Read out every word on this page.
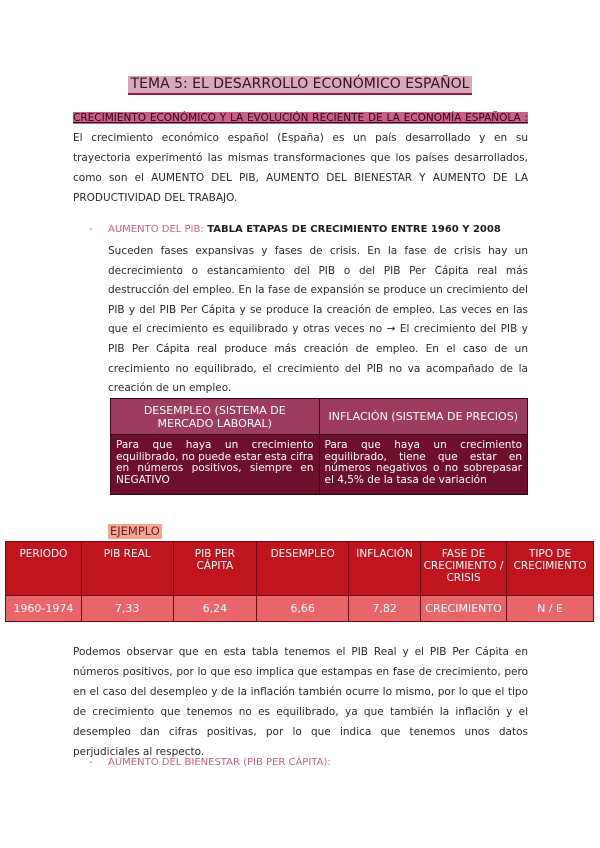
TEMA 5: EL DESARROLLO ECONÓMICO ESPAÑOL
CRECIMIENTO ECONÓMICO Y LA EVOLUCIÓN RECIENTE DE LA ECONOMÍA ESPAÑOLA : El crecimiento económico español (España) es un país desarrollado y en su trayectoria experimentó las mismas transformaciones que los países desarrollados, como son el AUMENTO DEL PIB, AUMENTO DEL BIENESTAR Y AUMENTO DE LA PRODUCTIVIDAD DEL TRABAJO.
- AUMENTO DEL PIB: TABLA ETAPAS DE CRECIMIENTO ENTRE 1960 Y 2008
Suceden fases expansivas y fases de crisis. En la fase de crisis hay un decrecimiento o estancamiento del PIB o del PIB Per Cápita real más destrucción del empleo. En la fase de expansión se produce un crecimiento del PIB y del PIB Per Cápita y se produce la creación de empleo. Las veces en las que el crecimiento es equilibrado y otras veces no → El crecimiento del PIB y PIB Per Cápita real produce más creación de empleo. En el caso de un crecimiento no equilibrado, el crecimiento del PIB no va acompañado de la creación de un empleo.
DESEMPLEO (SISTEMA DE MERCADO LABORAL)	INFLACIÓN (SISTEMA DE PRECIOS)
Para que haya un crecimiento equilibrado, no puede estar esta cifra en números positivos, siempre en NEGATIVO	Para que haya un crecimiento equilibrado, tiene que estar en números negativos o no sobrepasar el 4,5% de la tasa de variación
EJEMPLO
PERIODO	PIB REAL	PIB PER CÁPITA	DESEMPLEO	INFLACIÓN	FASE DE CRECIMIENTO / CRISIS	TIPO DE CRECIMIENTO
1960-1974	7,33	6,24	6,66	7,82	CRECIMIENTO	N / E
Podemos observar que en esta tabla tenemos el PIB Real y el PIB Per Cápita en números positivos, por lo que eso implica que estampas en fase de crecimiento, pero en el caso del desempleo y de la inflación también ocurre lo mismo, por lo que el tipo de crecimiento que tenemos no es equilibrado, ya que también la inflación y el desempleo dan cifras positivas, por lo que indica que tenemos unos datos perjudiciales al respecto.
- AUMENTO DEL BIENESTAR (PIB PER CÁPITA):
